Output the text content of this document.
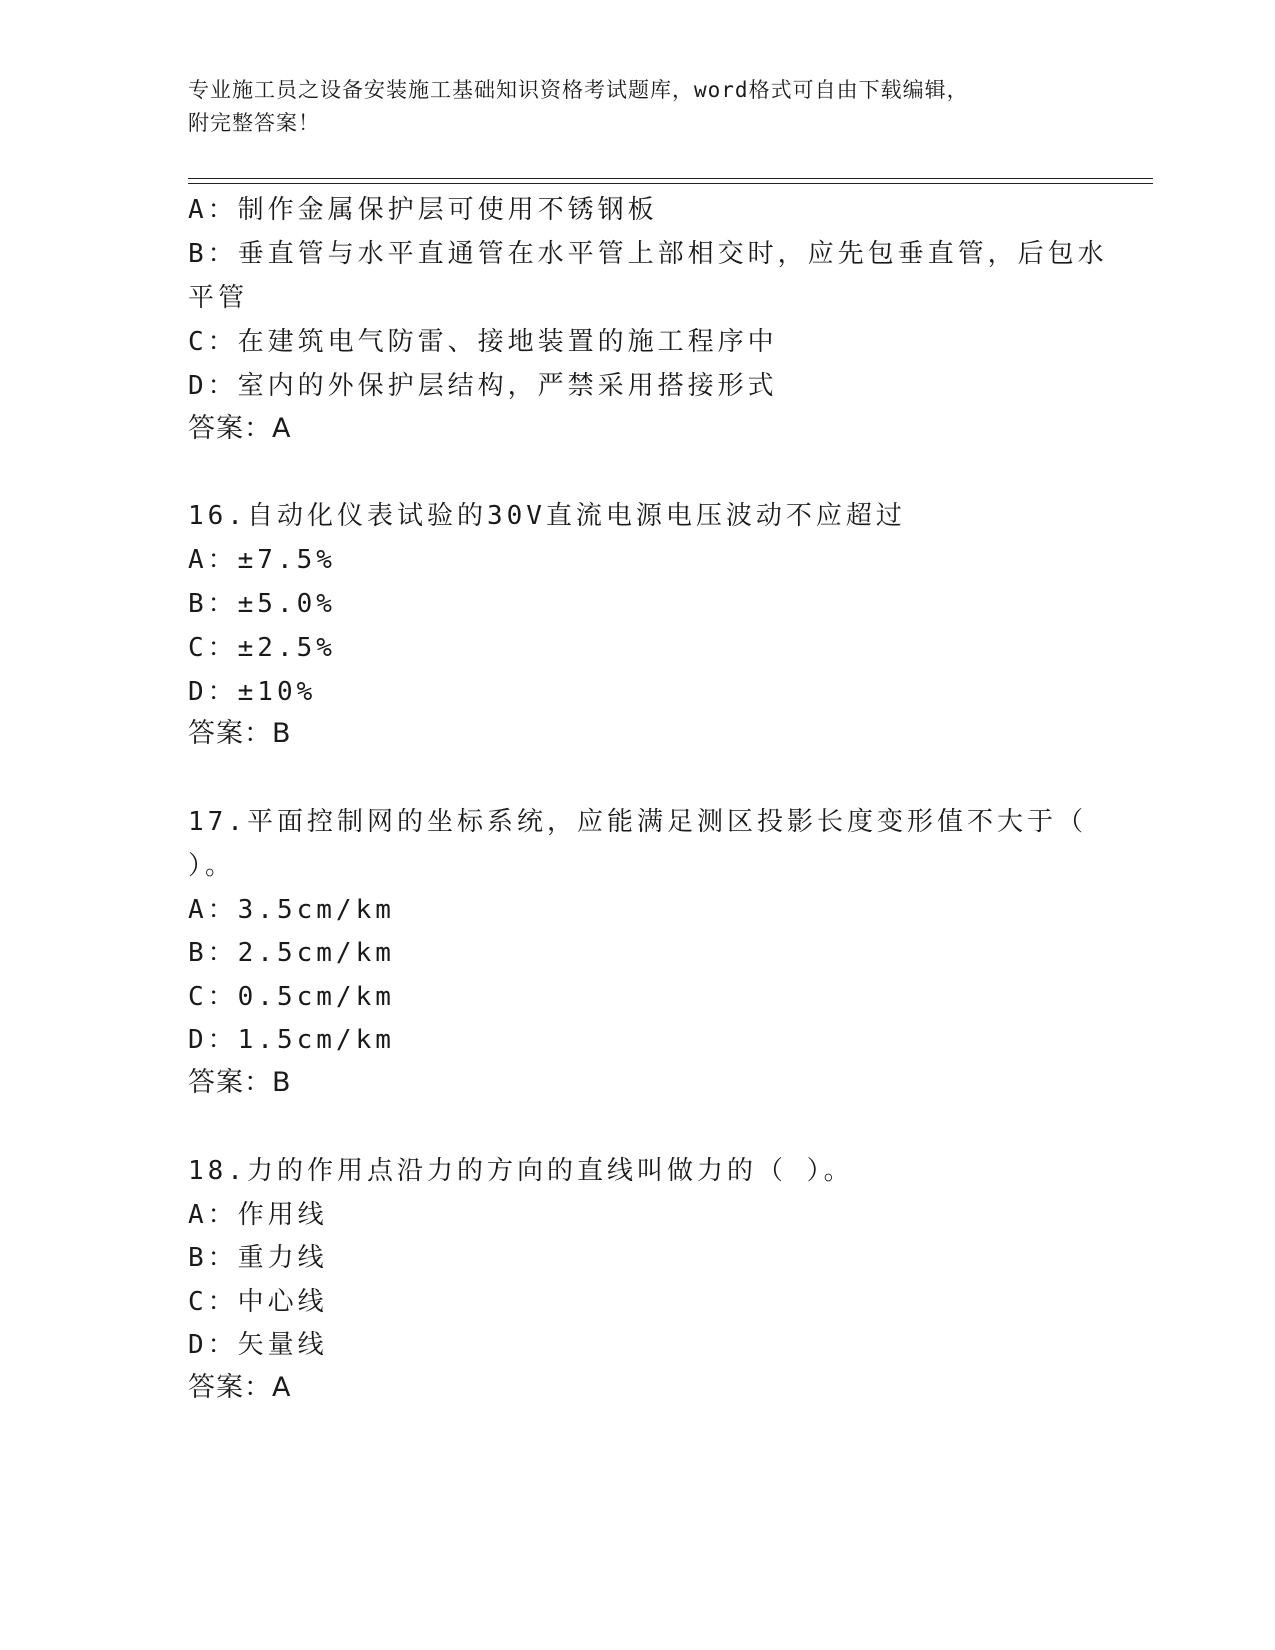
专业施工员之设备安装施工基础知识资格考试题库，word格式可自由下载编辑，
附完整答案！
A：制作金属保护层可使用不锈钢板
B：垂直管与水平直通管在水平管上部相交时，应先包垂直管，后包水
平管
C：在建筑电气防雷、接地装置的施工程序中
D：室内的外保护层结构，严禁采用搭接形式
答案：A
16.自动化仪表试验的30V直流电源电压波动不应超过
A：±7.5%
B：±5.0%
C：±2.5%
D：±10%
答案：B
17.平面控制网的坐标系统，应能满足测区投影长度变形值不大于（
）。
A：3.5cm/km
B：2.5cm/km
C：0.5cm/km
D：1.5cm/km
答案：B
18.力的作用点沿力的方向的直线叫做力的（ ）。
A：作用线
B：重力线
C：中心线
D：矢量线
答案：A
